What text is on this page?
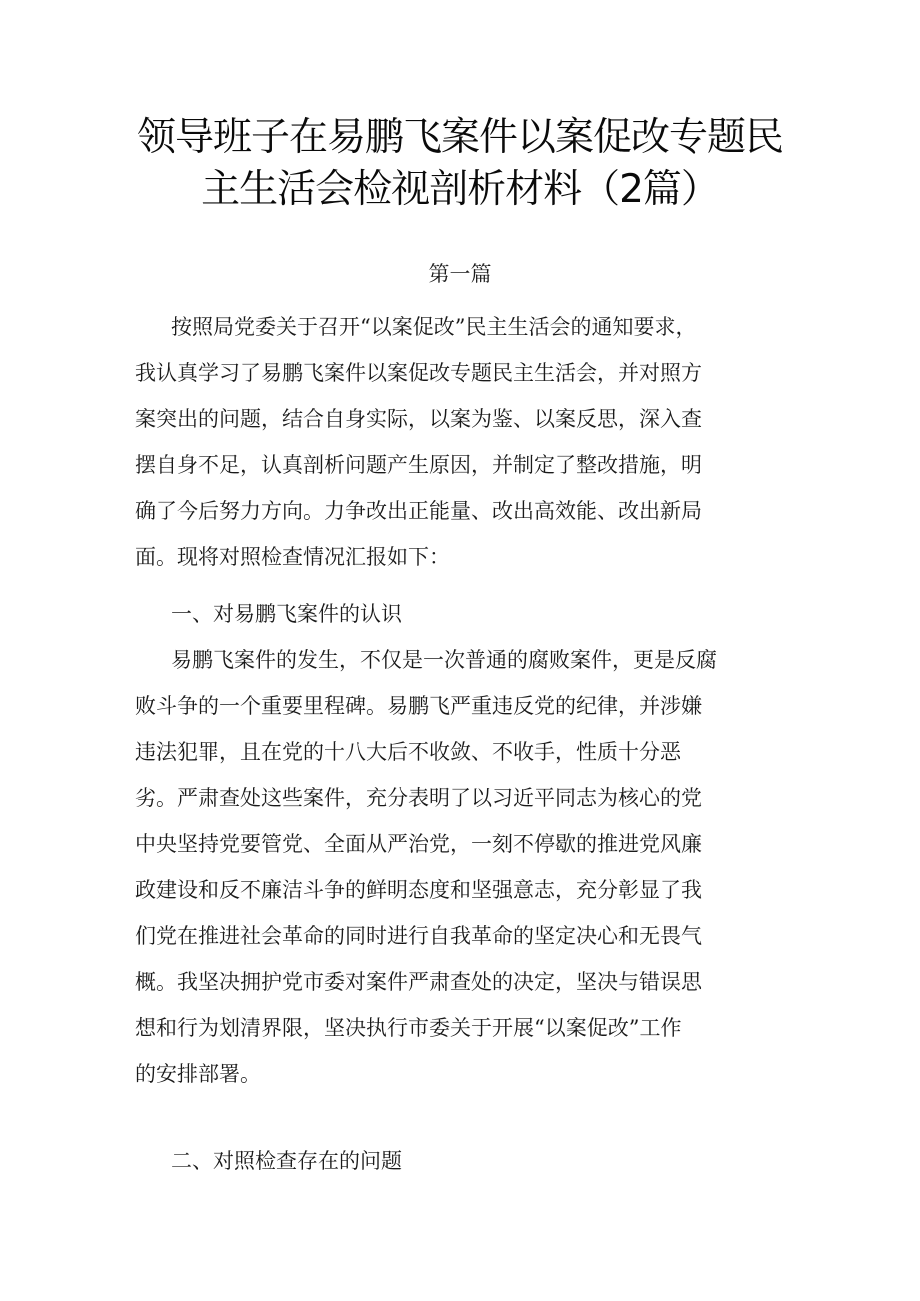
领导班子在易鹏飞案件以案促改专题民
主生活会检视剖析材料（2篇）
第一篇

按照局党委关于召开“以案促改”民主生活会的通知要求，
我认真学习了易鹏飞案件以案促改专题民主生活会，并对照方
案突出的问题，结合自身实际，以案为鉴、以案反思，深入查
摆自身不足，认真剖析问题产生原因，并制定了整改措施，明
确了今后努力方向。力争改出正能量、改出高效能、改出新局
面。现将对照检查情况汇报如下：

一、对易鹏飞案件的认识

易鹏飞案件的发生，不仅是一次普通的腐败案件，更是反腐
败斗争的一个重要里程碑。易鹏飞严重违反党的纪律，并涉嫌
违法犯罪，且在党的十八大后不收敛、不收手，性质十分恶
劣。严肃查处这些案件，充分表明了以习近平同志为核心的党
中央坚持党要管党、全面从严治党，一刻不停歇的推进党风廉
政建设和反不廉洁斗争的鲜明态度和坚强意志，充分彰显了我
们党在推进社会革命的同时进行自我革命的坚定决心和无畏气
概。我坚决拥护党市委对案件严肃查处的决定，坚决与错误思
想和行为划清界限，坚决执行市委关于开展“以案促改”工作
的安排部署。

二、对照检查存在的问题
